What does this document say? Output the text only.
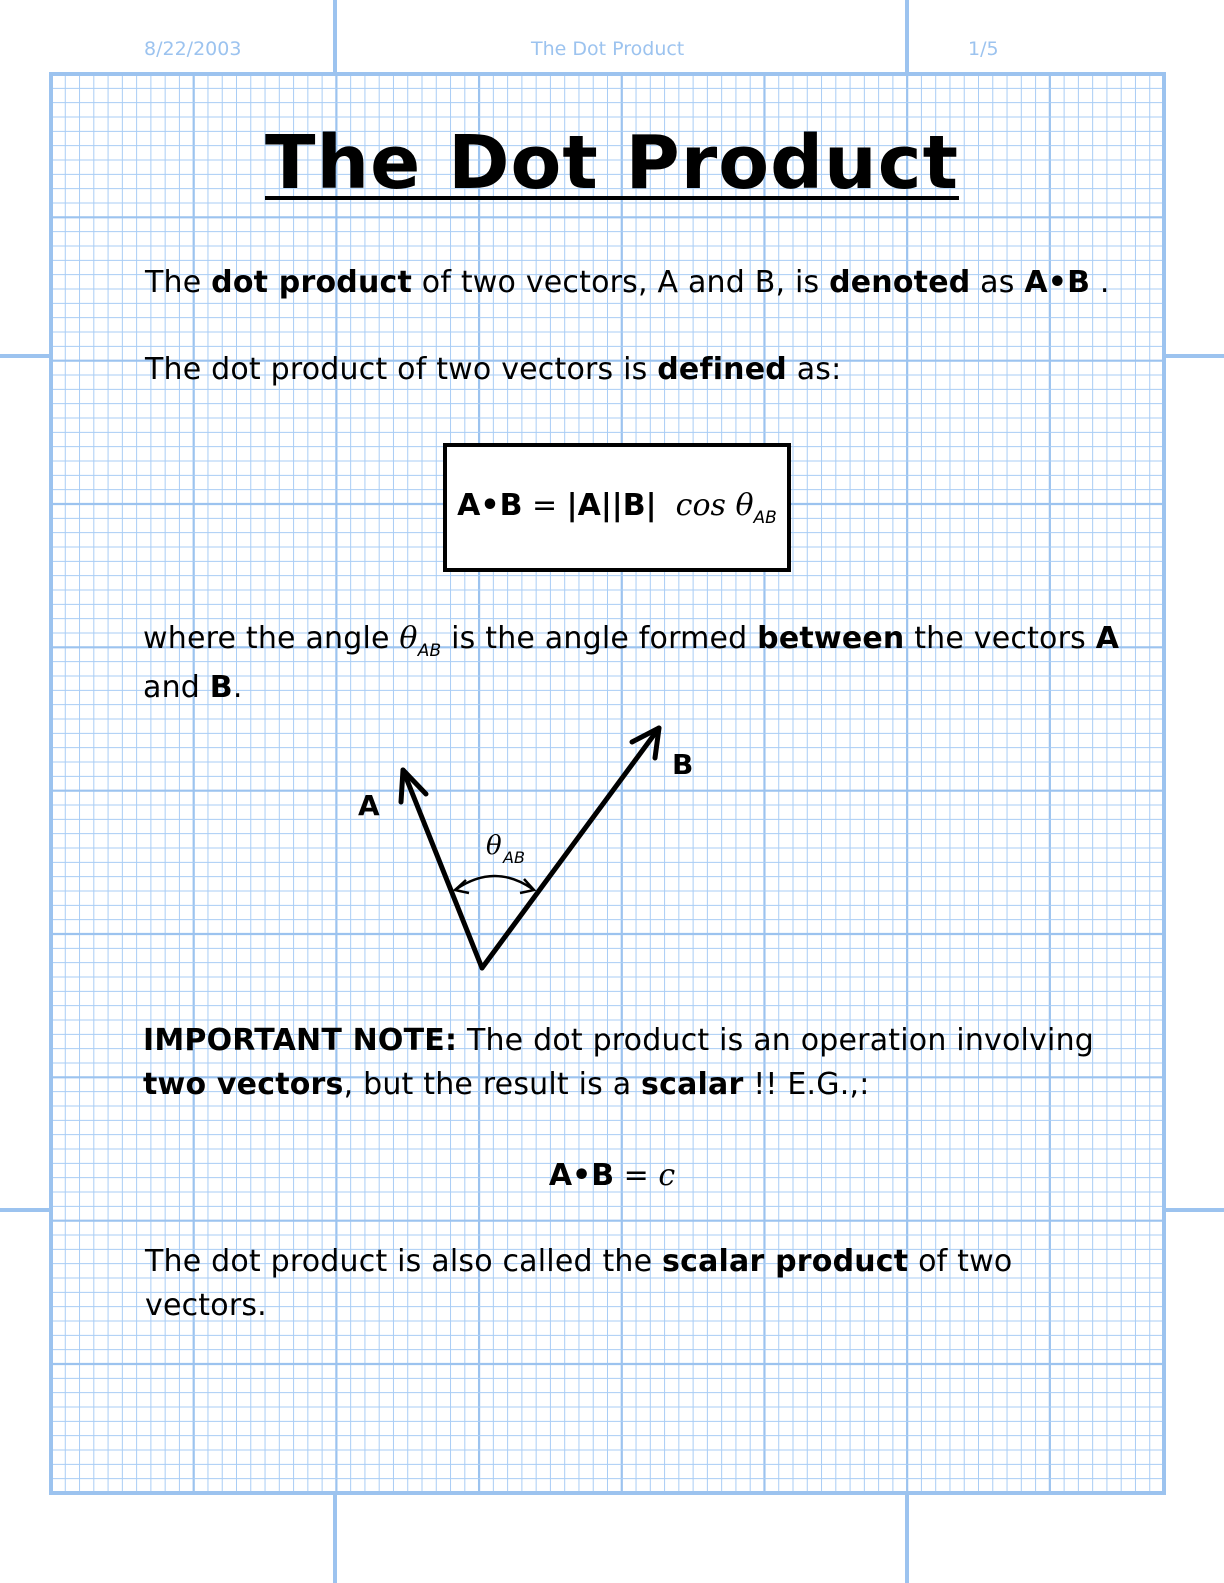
8/22/2003	The Dot Product	1/5
The Dot Product
The dot product of two vectors, A and B, is denoted as A•B .
The dot product of two vectors is defined as:
A•B = |A||B| $\cos \theta_{AB}$
where the angle $\theta_{AB}$ is the angle formed between the vectors A
and B.
A
B
θ AB
IMPORTANT NOTE: The dot product is an operation involving
two vectors, but the result is a scalar !! E.G.,:
A•B = c
The dot product is also called the scalar product of two
vectors.
